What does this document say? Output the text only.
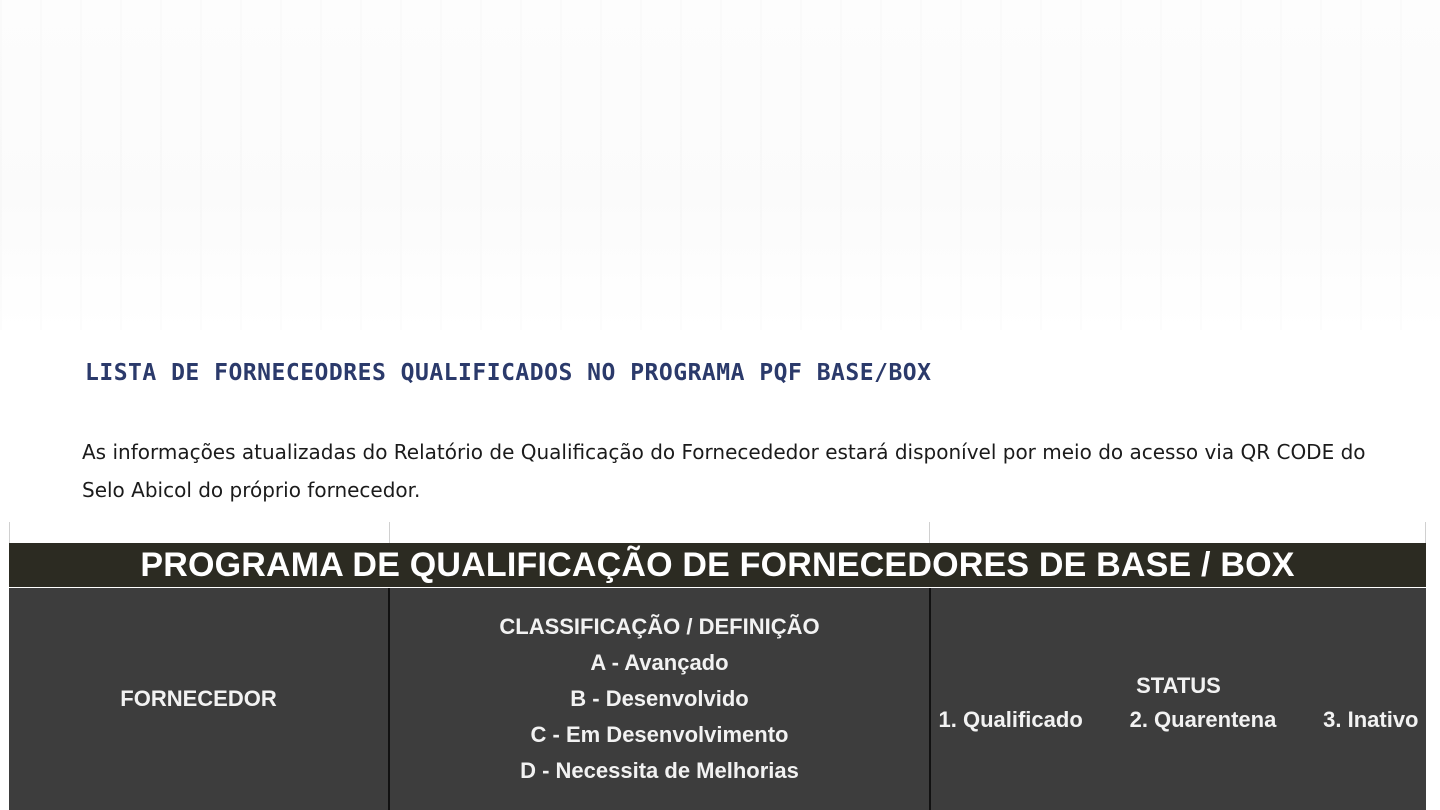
LISTA DE FORNECEODRES QUALIFICADOS NO PROGRAMA PQF BASE/BOX
As informações atualizadas do Relatório de Qualificação do Fornecededor estará disponível por meio do acesso via QR CODE do Selo Abicol do próprio fornecedor.
PROGRAMA DE QUALIFICAÇÃO DE FORNECEDORES DE BASE / BOX
FORNECEDOR
CLASSIFICAÇÃO / DEFINIÇÃO
A - Avançado
B - Desenvolvido
C - Em Desenvolvimento
D - Necessita de Melhorias
STATUS
1. Qualificado 2. Quarentena 3. Inativo
